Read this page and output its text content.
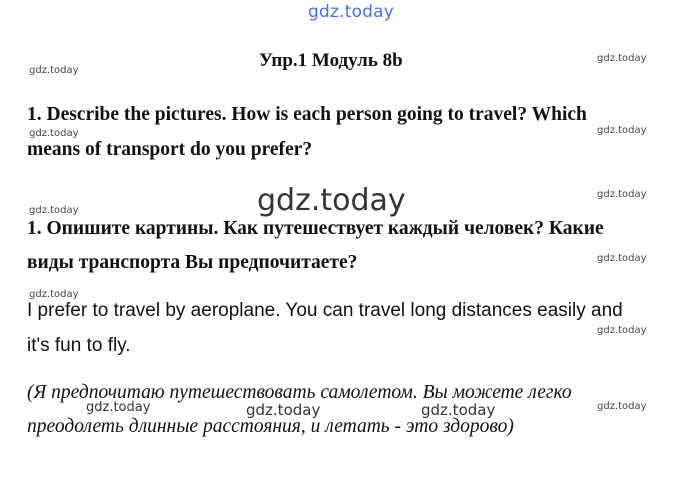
gdz.today
Упр.1 Модуль 8b
gdz.today
gdz.today
gdz.today
gdz.today
gdz.today
gdz.today
gdz.today
gdz.today
gdz.today
gdz.today
1. Describe the pictures. How is each person going to travel? Which
means of transport do you prefer?
gdz.today
1. Опишите картины. Как путешествует каждый человек? Какие
виды транспорта Вы предпочитаете?
I prefer to travel by aeroplane. You can travel long distances easily and
it's fun to fly.
(Я предпочитаю путешествовать самолетом. Вы можете легко
преодолеть длинные расстояния, и летать - это здорово)
gdz.today	gdz.today	gdz.today
